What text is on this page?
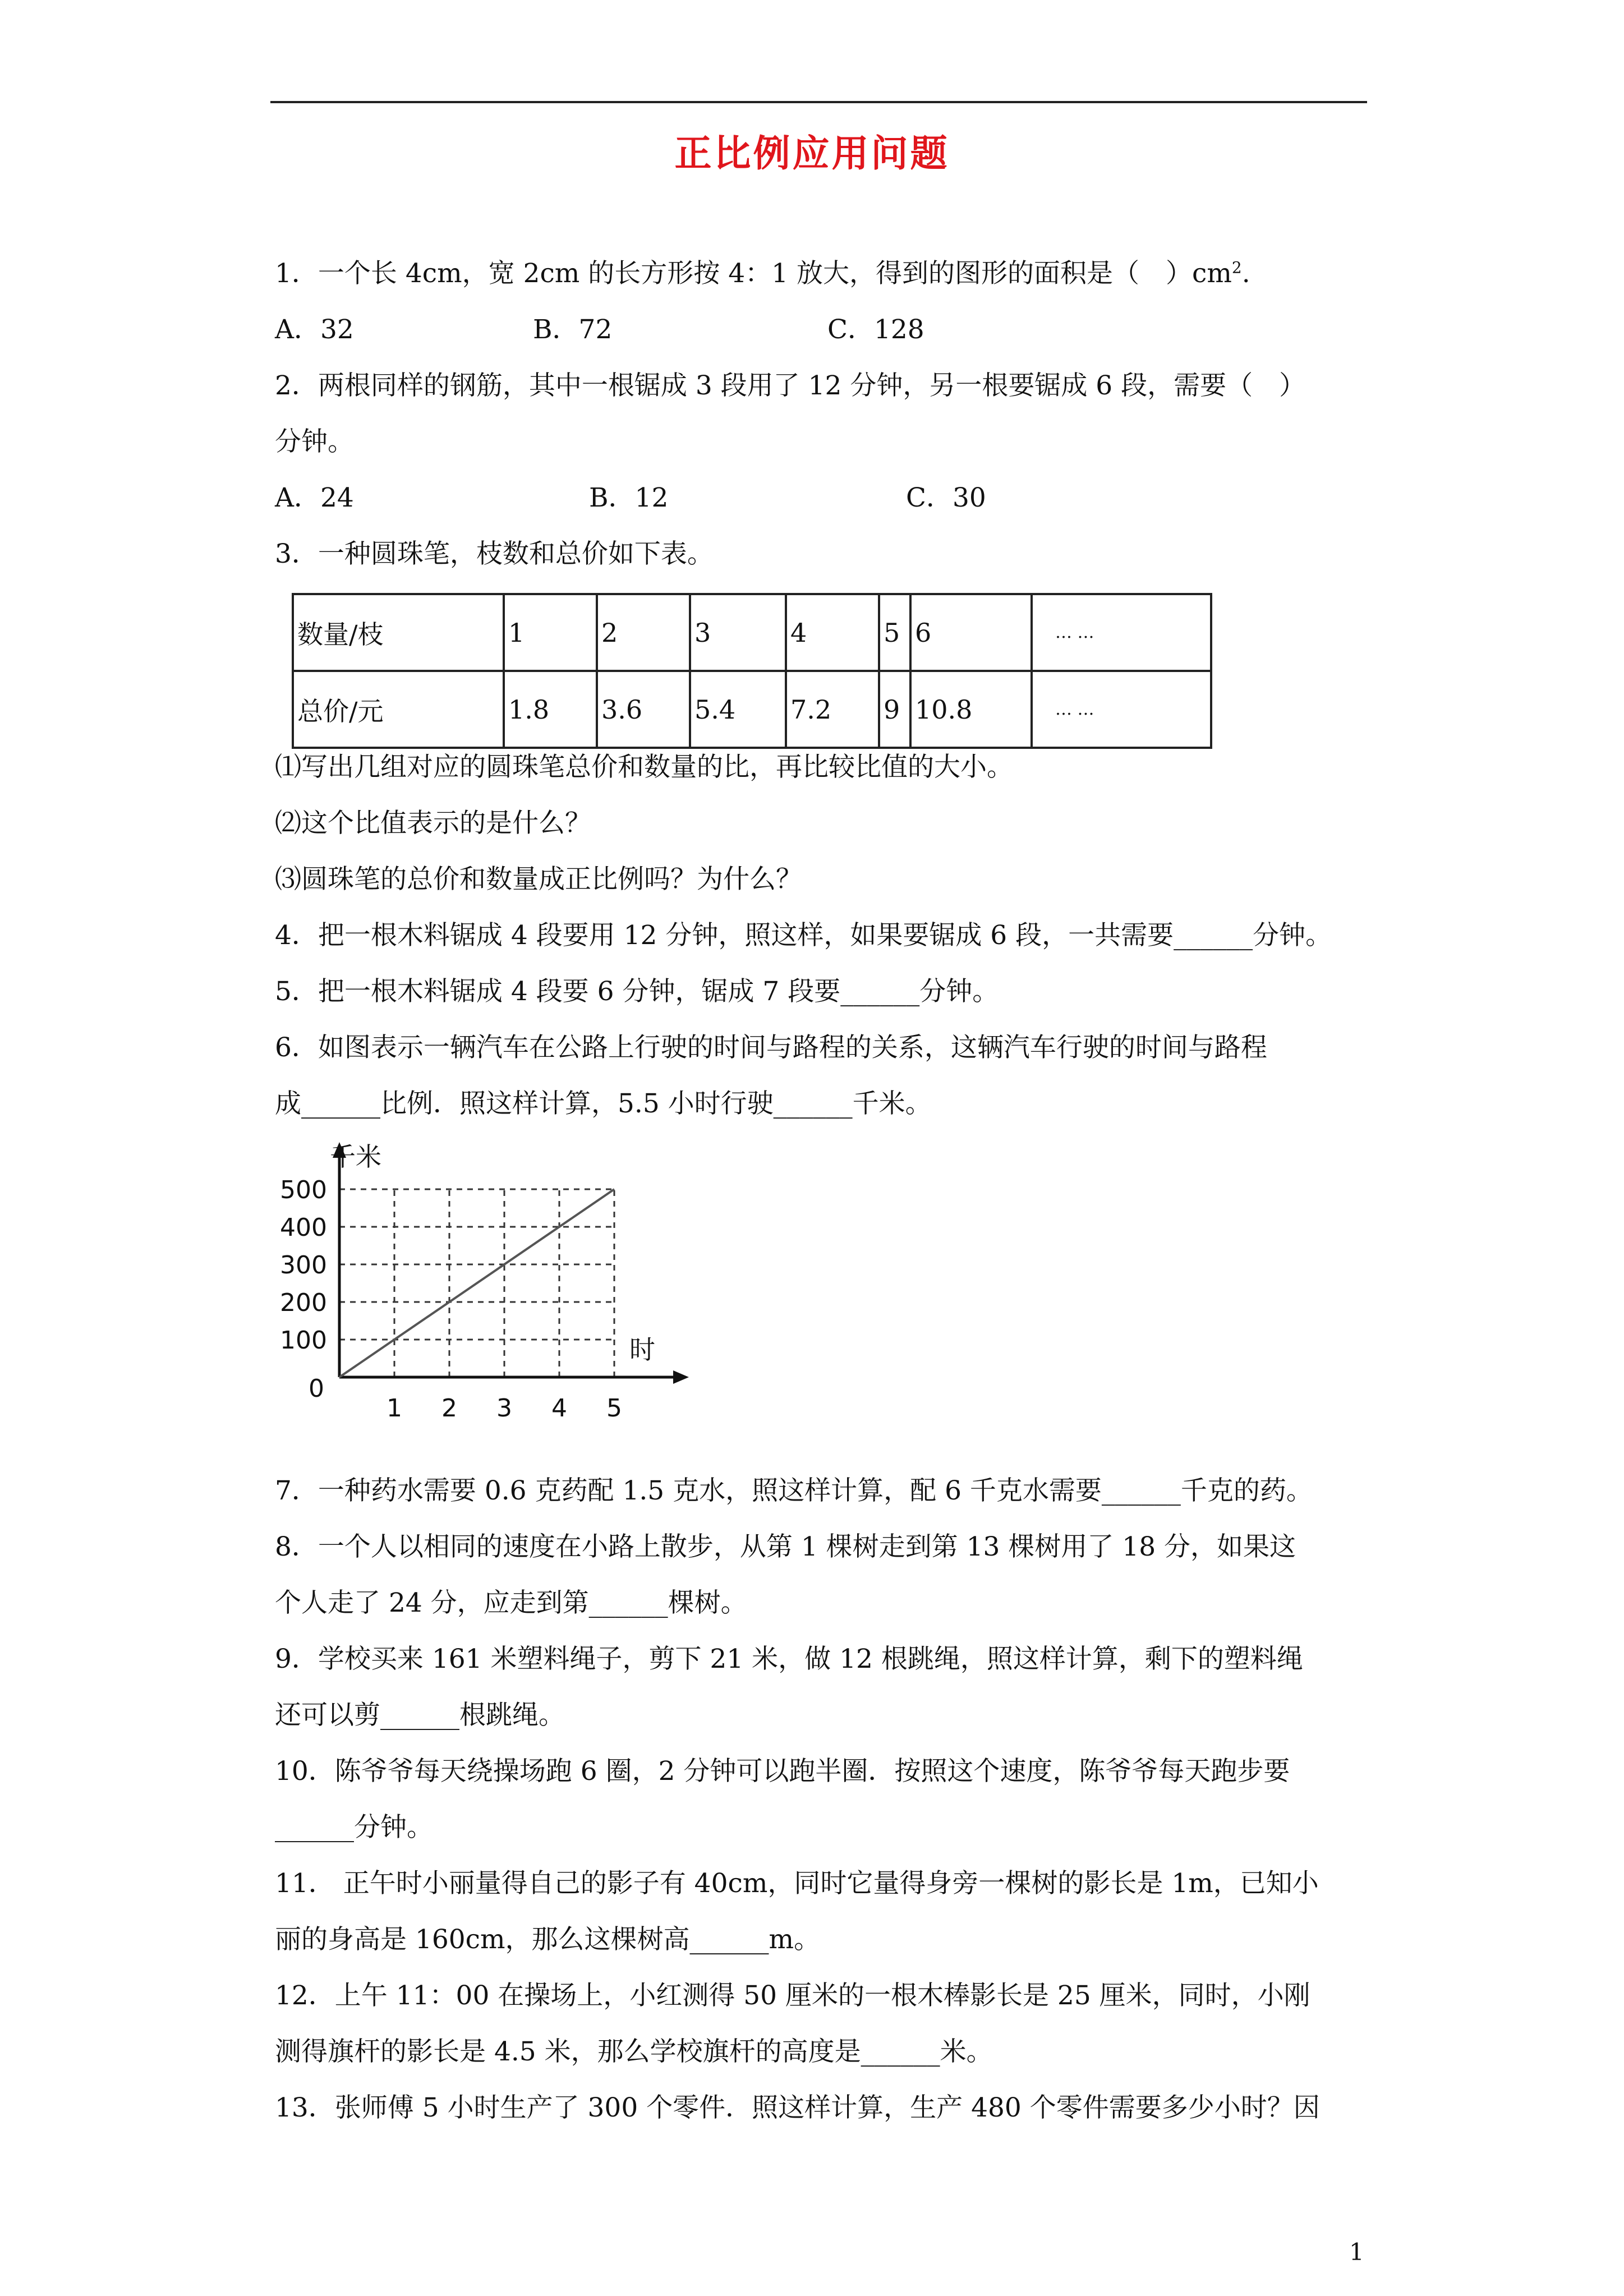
正比例应用问题
1．一个长 4cm，宽 2cm 的长方形按 4：1 放大，得到的图形的面积是（　）$cm^2$.
A．32	B．72	C．128
2．两根同样的钢筋，其中一根锯成 3 段用了 12 分钟，另一根要锯成 6 段，需要（　）
分钟。
A．24	B．12	C．30
3．一种圆珠笔，枝数和总价如下表。
数量/枝	1	2	3	4	5	6	… …
总价/元	1.8	3.6	5.4	7.2	9	10.8	… …
⑴写出几组对应的圆珠笔总价和数量的比，再比较比值的大小。
⑵这个比值表示的是什么？
⑶圆珠笔的总价和数量成正比例吗？为什么？
4．把一根木料锯成 4 段要用 12 分钟，照这样，如果要锯成 6 段，一共需要______分钟。
5．把一根木料锯成 4 段要 6 分钟，锯成 7 段要______分钟。
6．如图表示一辆汽车在公路上行驶的时间与路程的关系，这辆汽车行驶的时间与路程
成______比例．照这样计算，5.5 小时行驶______千米。
1 2 3 4 5
100
200
300
400
500
千米
时
0
7．一种药水需要 0.6 克药配 1.5 克水，照这样计算，配 6 千克水需要______千克的药。
8．一个人以相同的速度在小路上散步，从第 1 棵树走到第 13 棵树用了 18 分，如果这
个人走了 24 分，应走到第______棵树。
9．学校买来 161 米塑料绳子，剪下 21 米，做 12 根跳绳，照这样计算，剩下的塑料绳
还可以剪______根跳绳。
10．陈爷爷每天绕操场跑 6 圈，2 分钟可以跑半圈．按照这个速度，陈爷爷每天跑步要
______分钟。
11． 正午时小丽量得自己的影子有 40cm，同时它量得身旁一棵树的影长是 1m，已知小
丽的身高是 160cm，那么这棵树高______m。
12．上午 11：00 在操场上，小红测得 50 厘米的一根木棒影长是 25 厘米，同时，小刚
测得旗杆的影长是 4.5 米，那么学校旗杆的高度是______米。
13．张师傅 5 小时生产了 300 个零件．照这样计算，生产 480 个零件需要多少小时？因
1
